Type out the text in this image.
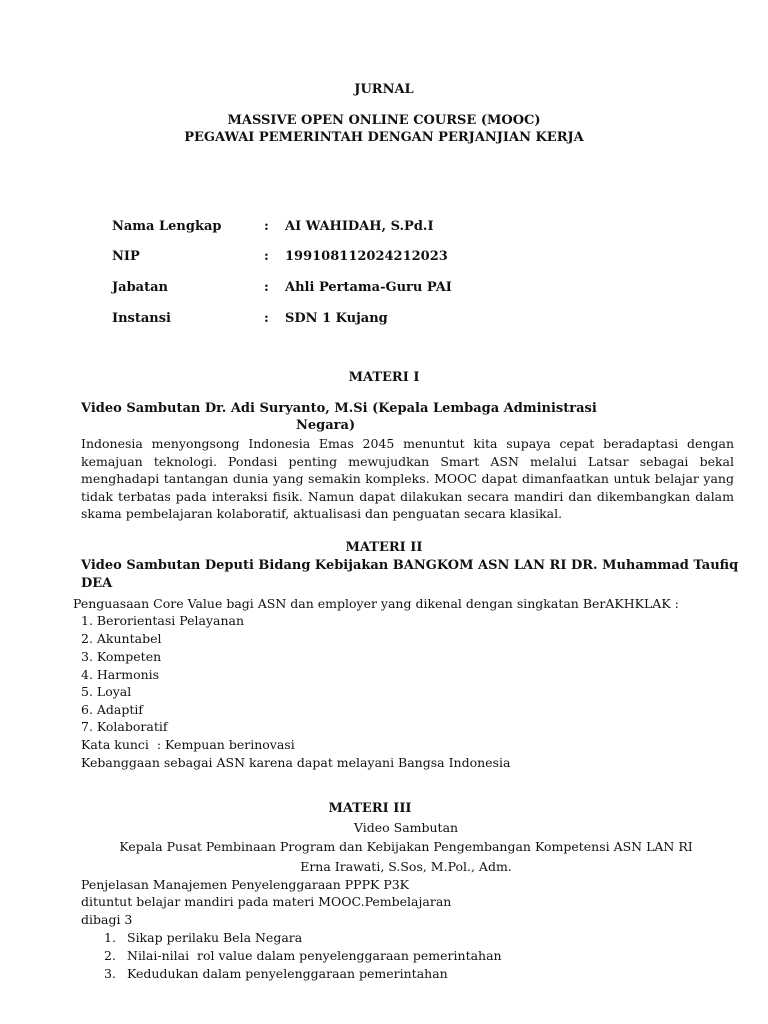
JURNAL
MASSIVE OPEN ONLINE COURSE (MOOC)
PEGAWAI PEMERINTAH DENGAN PERJANJIAN KERJA
Nama Lengkap	: AI WAHIDAH, S.Pd.I
NIP	: 199108112024212023
Jabatan	: Ahli Pertama-Guru PAI
Instansi	: SDN 1 Kujang
MATERI I
Video Sambutan Dr. Adi Suryanto, M.Si (Kepala Lembaga Administrasi
Negara)
Indonesia menyongsong Indonesia Emas 2045 menuntut kita supaya cepat beradaptasi dengan kemajuan teknologi. Pondasi penting mewujudkan Smart ASN melalui Latsar sebagai bekal menghadapi tantangan dunia yang semakin kompleks. MOOC dapat dimanfaatkan untuk belajar yang tidak terbatas pada interaksi fisik. Namun dapat dilakukan secara mandiri dan dikembangkan dalam skama pembelajaran kolaboratif, aktualisasi dan penguatan secara klasikal.
MATERI II
Video Sambutan Deputi Bidang Kebijakan BANGKOM ASN LAN RI DR. Muhammad Taufiq
DEA
Penguasaan Core Value bagi ASN dan employer yang dikenal dengan singkatan BerAKHKLAK :
1. Berorientasi Pelayanan
2. Akuntabel
3. Kompeten
4. Harmonis
5. Loyal
6. Adaptif
7. Kolaboratif
Kata kunci  : Kempuan berinovasi
Kebanggaan sebagai ASN karena dapat melayani Bangsa Indonesia
MATERI III
Video Sambutan
Kepala Pusat Pembinaan Program dan Kebijakan Pengembangan Kompetensi ASN LAN RI
Erna Irawati, S.Sos, M.Pol., Adm.
Penjelasan Manajemen Penyelenggaraan PPPK P3K
dituntut belajar mandiri pada materi MOOC.Pembelajaran
dibagi 3
1. Sikap perilaku Bela Negara
2. Nilai-nilai  rol value dalam penyelenggaraan pemerintahan
3. Kedudukan dalam penyelenggaraan pemerintahan
